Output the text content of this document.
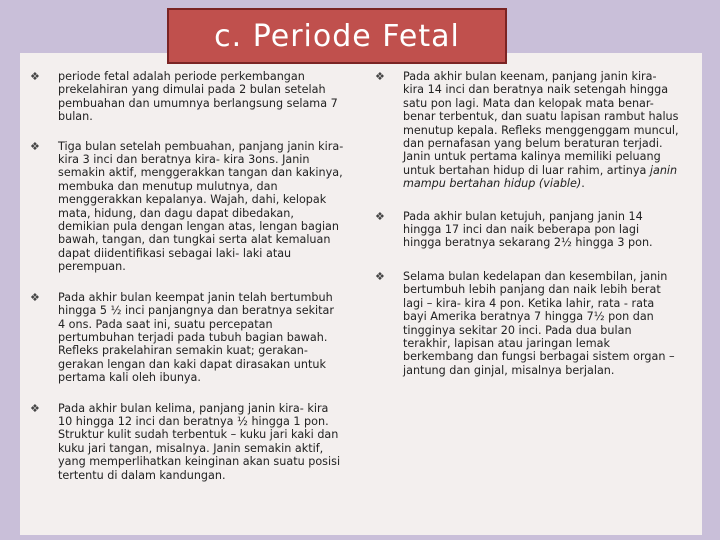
c. Periode Fetal
❖ periode fetal adalah periode perkembangan prekelahiran yang dimulai pada 2 bulan setelah pembuahan dan umumnya berlangsung selama 7 bulan.

❖ Tiga bulan setelah pembuahan, panjang janin kira- kira 3 inci dan beratnya kira- kira 3ons. Janin semakin aktif, menggerakkan tangan dan kakinya, membuka dan menutup mulutnya, dan menggerakkan kepalanya. Wajah, dahi, kelopak mata, hidung, dan dagu dapat dibedakan, demikian pula dengan lengan atas, lengan bagian bawah, tangan, dan tungkai serta alat kemaluan dapat diidentifikasi sebagai laki- laki atau perempuan.

❖ Pada akhir bulan keempat janin telah bertumbuh hingga 5 ½ inci panjangnya dan beratnya sekitar 4 ons. Pada saat ini, suatu percepatan pertumbuhan terjadi pada tubuh bagian bawah. Refleks prakelahiran semakin kuat; gerakan- gerakan lengan dan kaki dapat dirasakan untuk pertama kali oleh ibunya.

❖ Pada akhir bulan kelima, panjang janin kira- kira 10 hingga 12 inci dan beratnya ½ hingga 1 pon. Struktur kulit sudah terbentuk – kuku jari kaki dan kuku jari tangan, misalnya. Janin semakin aktif, yang memperlihatkan keinginan akan suatu posisi tertentu di dalam kandungan.

❖ Pada akhir bulan keenam, panjang janin kira- kira 14 inci dan beratnya naik setengah hingga satu pon lagi. Mata dan kelopak mata benar- benar terbentuk, dan suatu lapisan rambut halus menutup kepala. Refleks menggenggam muncul, dan pernafasan yang belum beraturan terjadi. Janin untuk pertama kalinya memiliki peluang untuk bertahan hidup di luar rahim, artinya janin mampu bertahan hidup (viable).

❖ Pada akhir bulan ketujuh, panjang janin 14 hingga 17 inci dan naik beberapa pon lagi hingga beratnya sekarang 2½ hingga 3 pon.

❖ Selama bulan kedelapan dan kesembilan, janin bertumbuh lebih panjang dan naik lebih berat lagi – kira- kira 4 pon. Ketika lahir, rata - rata bayi Amerika beratnya 7 hingga 7½ pon dan tingginya sekitar 20 inci. Pada dua bulan terakhir, lapisan atau jaringan lemak berkembang dan fungsi berbagai sistem organ – jantung dan ginjal, misalnya berjalan.
